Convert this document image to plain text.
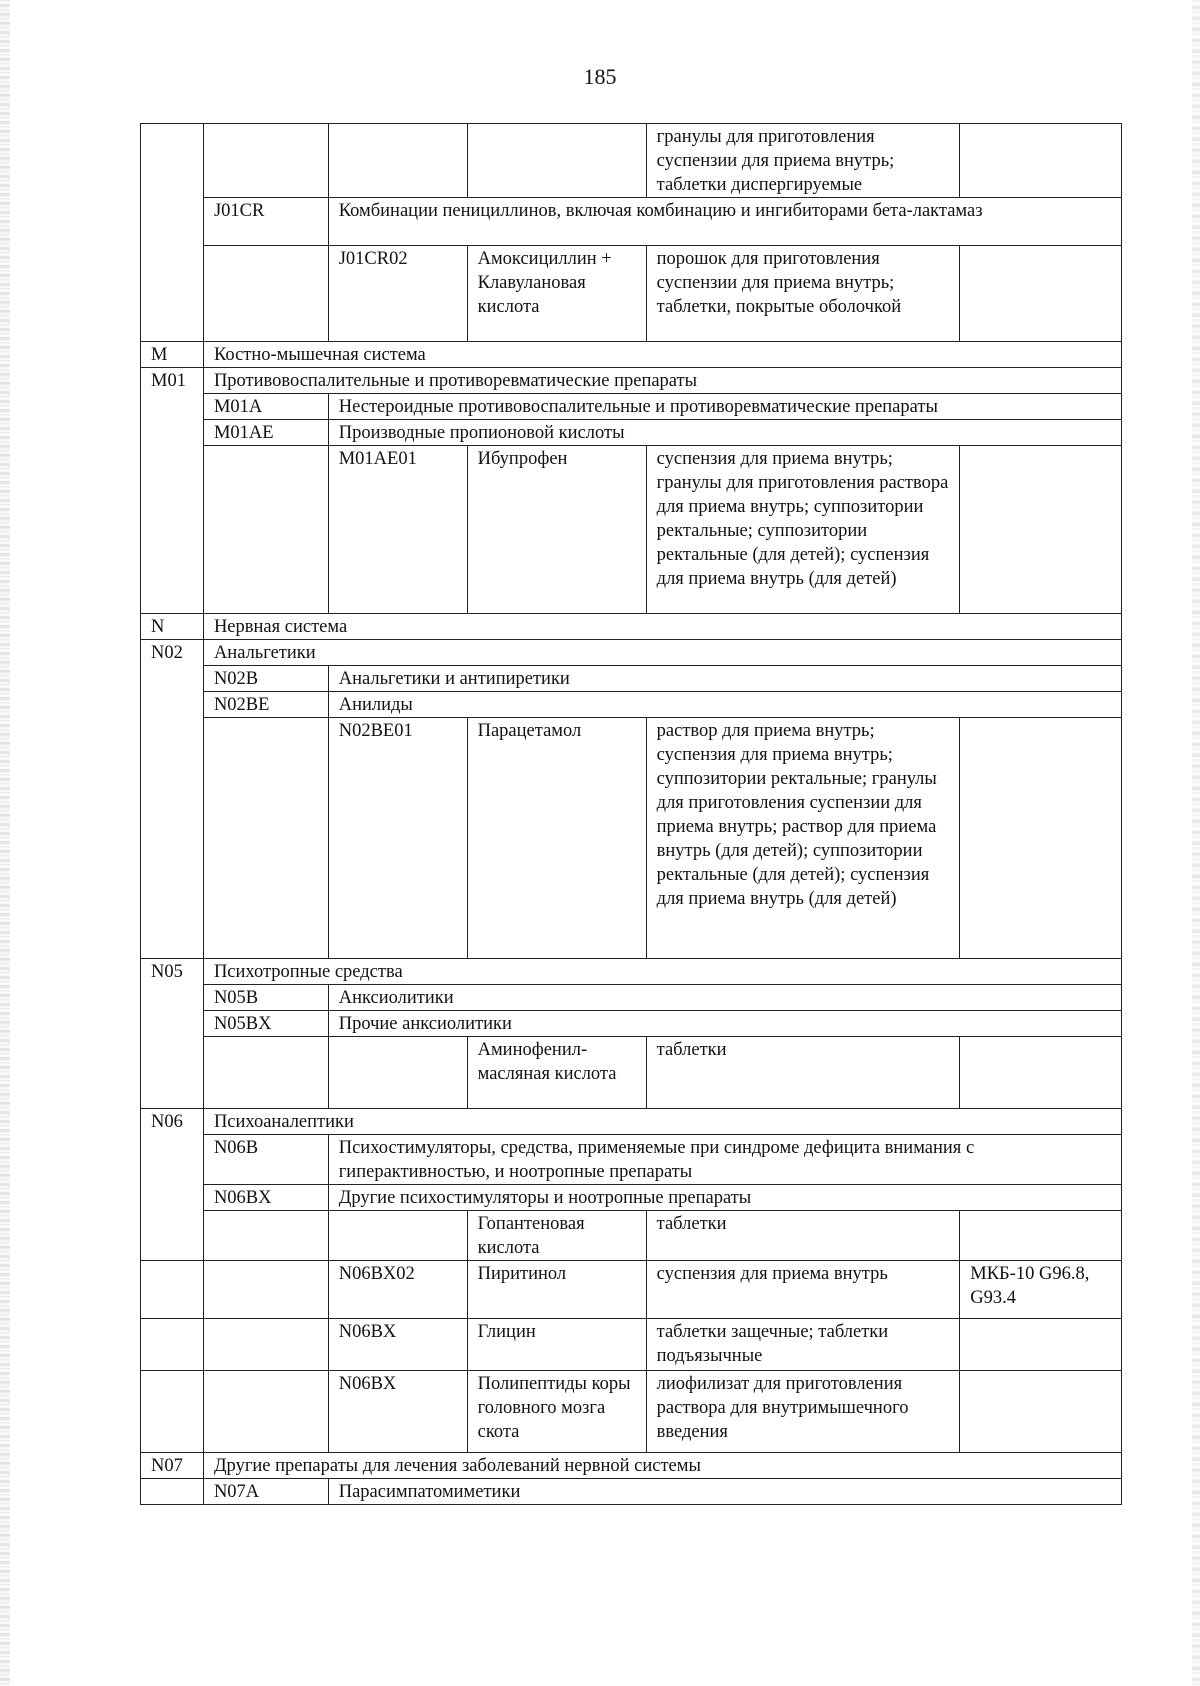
185

				гранулы для приготовления суспензии для приема внутрь; таблетки диспергируемые	
	J01CR	Комбинации пенициллинов, включая комбинацию и ингибиторами бета-лактамаз			
		J01CR02	Амоксициллин + Клавулановая кислота	порошок для приготовления суспензии для приема внутрь; таблетки, покрытые оболочкой	
M	Костно-мышечная система				
M01	Противовоспалительные и противоревматические препараты				
	M01A	Нестероидные противовоспалительные и противоревматические препараты			
	M01AE	Производные пропионовой кислоты			
		M01AE01	Ибупрофен	суспензия для приема внутрь; гранулы для приготовления раствора для приема внутрь; суппозитории ректальные; суппозитории ректальные (для детей); суспензия для приема внутрь (для детей)	
N	Нервная система				
N02	Анальгетики				
	N02B	Анальгетики и антипиретики			
	N02BE	Анилиды			
		N02BE01	Парацетамол	раствор для приема внутрь; суспензия для приема внутрь; суппозитории ректальные; гранулы для приготовления суспензии для приема внутрь; раствор для приема внутрь (для детей); суппозитории ректальные (для детей); суспензия для приема внутрь (для детей)	
N05	Психотропные средства				
	N05B	Анксиолитики			
	N05BX	Прочие анксиолитики			
			Аминофенил-масляная кислота	таблетки	
N06	Психоаналептики				
	N06B	Психостимуляторы, средства, применяемые при синдроме дефицита внимания с гиперактивностью, и ноотропные препараты			
	N06BX	Другие психостимуляторы и ноотропные препараты			
			Гопантеновая кислота	таблетки	
		N06BX02	Пиритинол	суспензия для приема внутрь	МКБ-10 G96.8, G93.4
		N06BX	Глицин	таблетки защечные; таблетки подъязычные	
		N06BX	Полипептиды коры головного мозга скота	лиофилизат для приготовления раствора для внутримышечного введения	
N07	Другие препараты для лечения заболеваний нервной системы				
	N07A	Парасимпатомиметики			
